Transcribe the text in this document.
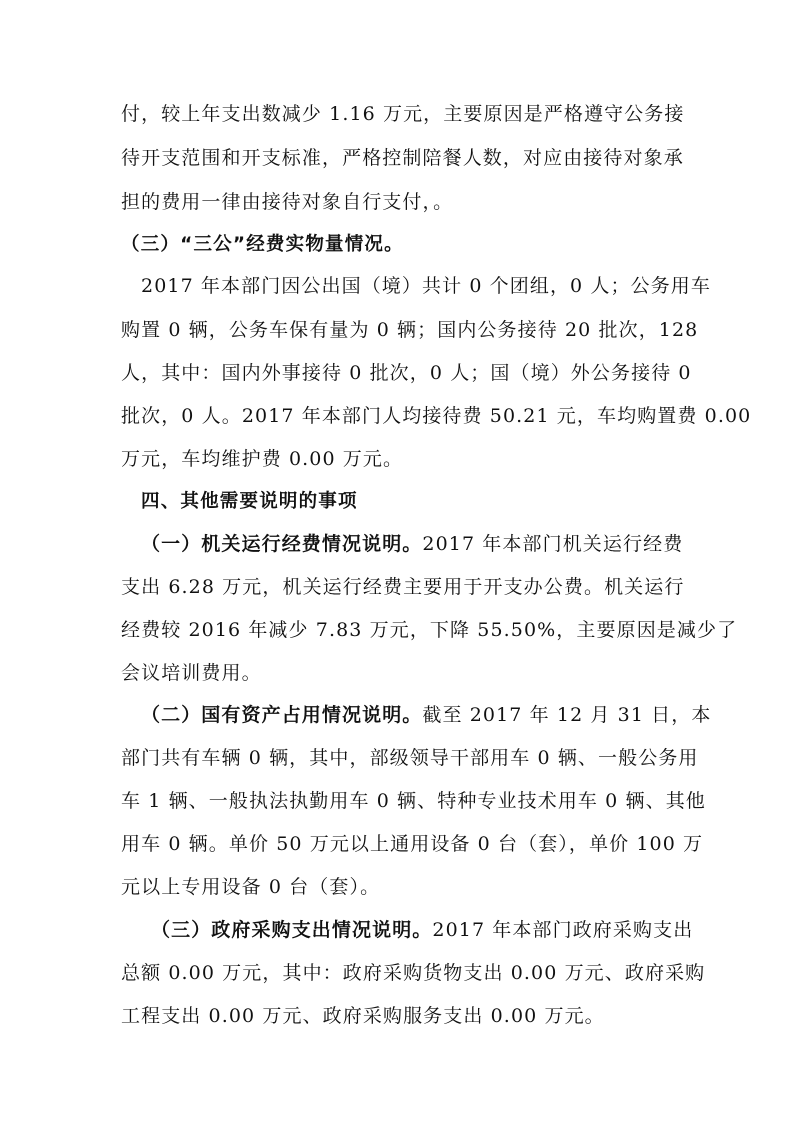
付，较上年支出数减少 1.16 万元，主要原因是严格遵守公务接
待开支范围和开支标准，严格控制陪餐人数，对应由接待对象承
担的费用一律由接待对象自行支付，。
（三）“三公”经费实物量情况。
2017 年本部门因公出国（境）共计 0 个团组，0 人；公务用车
购置 0 辆，公务车保有量为 0 辆；国内公务接待 20 批次，128
人，其中：国内外事接待 0 批次，0 人；国（境）外公务接待 0
批次，0 人。2017 年本部门人均接待费 50.21 元，车均购置费 0.00
万元，车均维护费 0.00 万元。
四、其他需要说明的事项
（一）机关运行经费情况说明。2017 年本部门机关运行经费
支出 6.28 万元，机关运行经费主要用于开支办公费。机关运行
经费较 2016 年减少 7.83 万元，下降 55.50%，主要原因是减少了
会议培训费用。
（二）国有资产占用情况说明。截至 2017 年 12 月 31 日，本
部门共有车辆 0 辆，其中，部级领导干部用车 0 辆、一般公务用
车 1 辆、一般执法执勤用车 0 辆、特种专业技术用车 0 辆、其他
用车 0 辆。单价 50 万元以上通用设备 0 台（套），单价 100 万
元以上专用设备 0 台（套）。
（三）政府采购支出情况说明。2017 年本部门政府采购支出
总额 0.00 万元，其中：政府采购货物支出 0.00 万元、政府采购
工程支出 0.00 万元、政府采购服务支出 0.00 万元。
